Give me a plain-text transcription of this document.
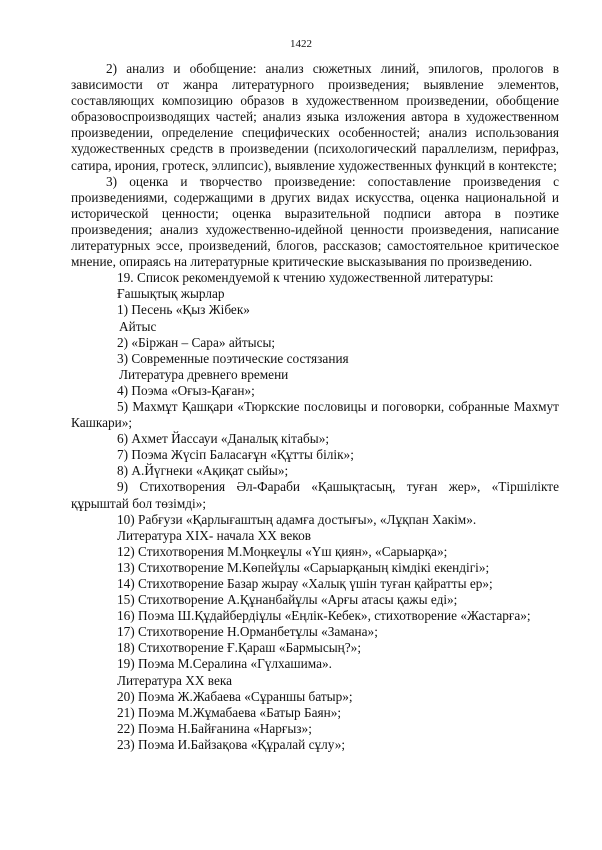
1422

2) анализ и обобщение: анализ сюжетных линий, эпилогов, прологов в зависимости от жанра литературного произведения; выявление элементов, составляющих композицию образов в художественном произведении, обобщение образовоспроизводящих частей; анализ языка изложения автора в художественном произведении, определение специфических особенностей; анализ использования художественных средств в произведении (психологический параллелизм, перифраз, сатира, ирония, гротеск, эллипсис), выявление художественных функций в контексте;

3) оценка и творчество произведение: сопоставление произведения с произведениями, содержащими в других видах искусства, оценка национальной и исторической ценности; оценка выразительной подписи автора в поэтике произведения; анализ художественно-идейной ценности произведения, написание литературных эссе, произведений, блогов, рассказов; самостоятельное критическое мнение, опираясь на литературные критические высказывания по произведению.

19. Список рекомендуемой к чтению художественной литературы:

Ғашықтық жырлар

1) Песень «Қыз Жібек»

Айтыс

2) «Біржан – Сара» айтысы;

3) Современные поэтические состязания

Литература древнего времени

4) Поэма «Оғыз-Қаған»;

5) Махмұт Қашқари «Тюркские пословицы и поговорки, собранные Махмут Кашкари»;

6) Ахмет Йассауи «Даналық кітабы»;

7) Поэма Жүсіп Баласағұн «Құтты білік»;

8) А.Йүгнеки «Ақиқат сыйы»;

9) Стихотворения Әл-Фараби «Қашықтасың, туған жер», «Тіршілікте құрыштай бол төзімді»;

10) Рабғузи «Қарлығаштың адамға достығы», «Лұқпан Хакім».

Литература XIX- начала XX веков

12) Стихотворения М.Моңкеұлы «Үш қиян», «Сарыарқа»;

13) Стихотворение М.Көпейұлы «Сарыарқаның кімдікі екендігі»;

14) Стихотворение Базар жырау «Халық үшін туған қайратты ер»;

15) Стихотворение А.Құнанбайұлы «Арғы атасы қажы еді»;

16) Поэма Ш.Құдайбердіұлы «Еңлік-Кебек», стихотворение «Жастарға»;

17) Стихотворение Н.Орманбетұлы «Замана»;

18) Стихотворение Ғ.Қараш «Бармысың?»;

19) Поэма М.Сералина «Гүлхашима».

Литература XX века

20) Поэма Ж.Жабаева «Сұраншы батыр»;

21) Поэма М.Жұмабаева «Батыр Баян»;

22) Поэма Н.Байғанина «Нарғыз»;

23) Поэма И.Байзақова «Құралай сұлу»;
